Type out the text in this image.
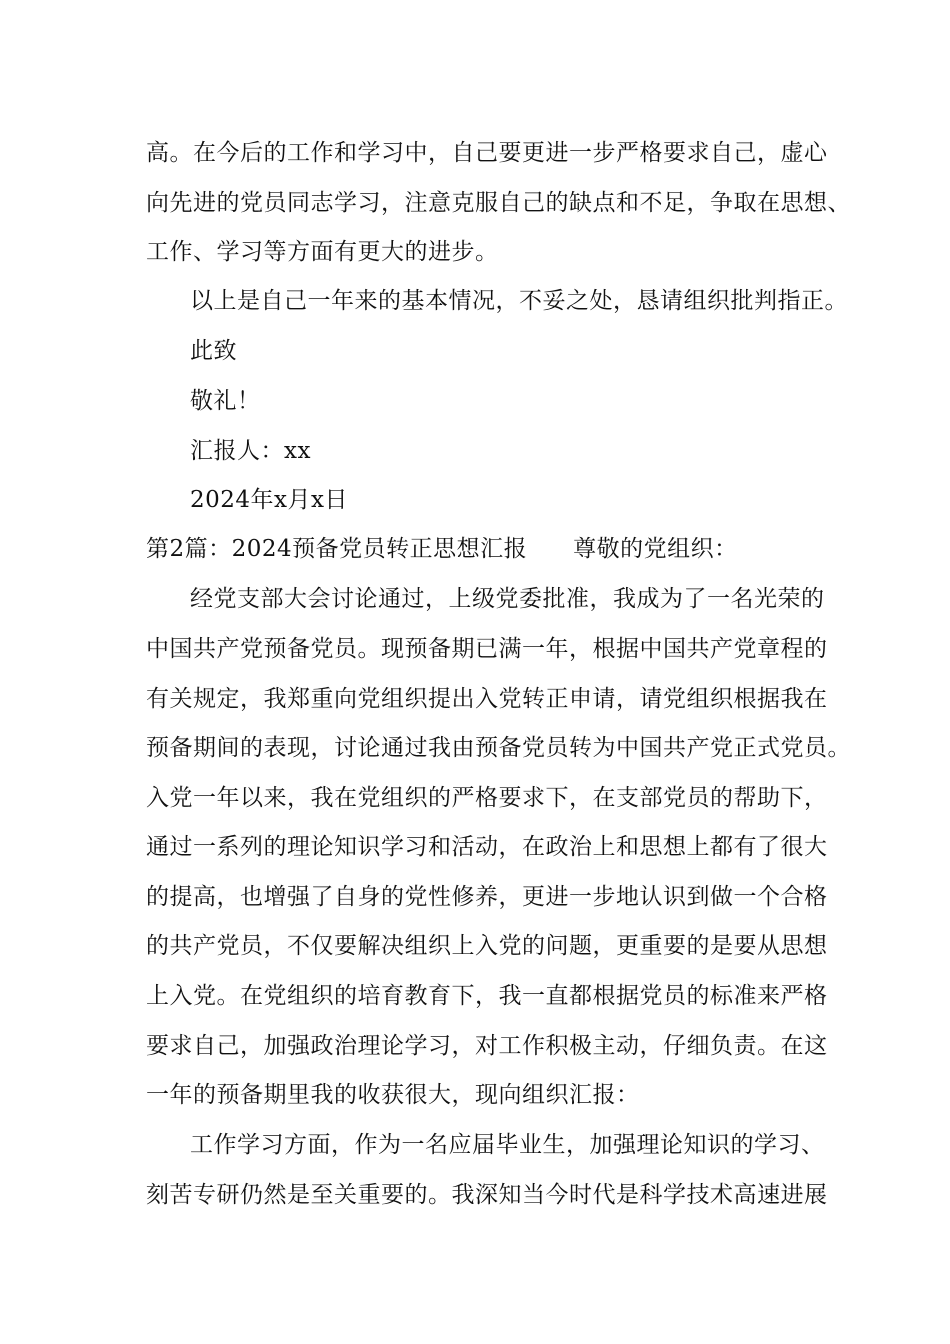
高。在今后的工作和学习中，自己要更进一步严格要求自己，虚心
向先进的党员同志学习，注意克服自己的缺点和不足，争取在思想、
工作、学习等方面有更大的进步。
以上是自己一年来的基本情况，不妥之处，恳请组织批判指正。
此致
敬礼！
汇报人：xx
2024年x月x日
第2篇：2024预备党员转正思想汇报 尊敬的党组织：
经党支部大会讨论通过，上级党委批准，我成为了一名光荣的
中国共产党预备党员。现预备期已满一年，根据中国共产党章程的
有关规定，我郑重向党组织提出入党转正申请，请党组织根据我在
预备期间的表现，讨论通过我由预备党员转为中国共产党正式党员。
入党一年以来，我在党组织的严格要求下，在支部党员的帮助下，
通过一系列的理论知识学习和活动，在政治上和思想上都有了很大
的提高，也增强了自身的党性修养，更进一步地认识到做一个合格
的共产党员，不仅要解决组织上入党的问题，更重要的是要从思想
上入党。在党组织的培育教育下，我一直都根据党员的标准来严格
要求自己，加强政治理论学习，对工作积极主动，仔细负责。在这
一年的预备期里我的收获很大，现向组织汇报：
工作学习方面，作为一名应届毕业生，加强理论知识的学习、
刻苦专研仍然是至关重要的。我深知当今时代是科学技术高速进展
